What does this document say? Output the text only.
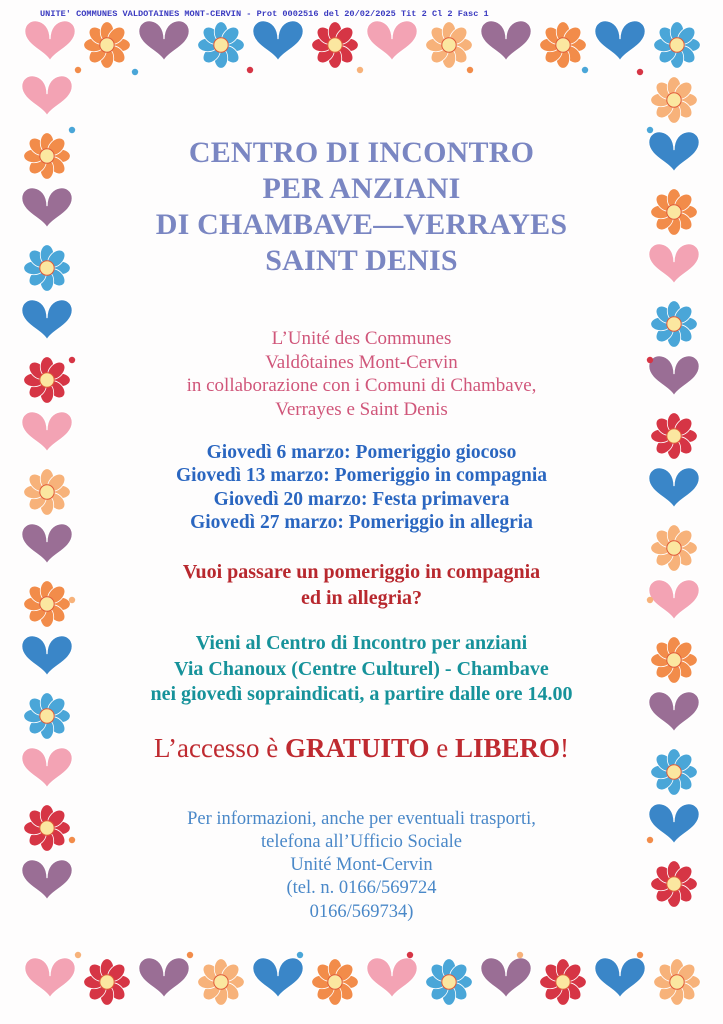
UNITE' COMMUNES VALDOTAINES MONT-CERVIN - Prot 0002516 del 20/02/2025 Tit 2 Cl 2 Fasc 1
CENTRO DI INCONTRO
PER ANZIANI
DI CHAMBAVE—VERRAYES
SAINT DENIS
L’Unité des Communes
Valdôtaines Mont-Cervin
in collaborazione con i Comuni di Chambave,
Verrayes e Saint Denis
Giovedì 6 marzo: Pomeriggio giocoso
Giovedì 13 marzo: Pomeriggio in compagnia
Giovedì 20 marzo: Festa primavera
Giovedì 27 marzo: Pomeriggio in allegria
Vuoi passare un pomeriggio in compagnia
ed in allegria?
Vieni al Centro di Incontro per anziani
Via Chanoux (Centre Culturel) - Chambave
nei giovedì sopraindicati, a partire dalle ore 14.00
L’accesso è GRATUITO e LIBERO!
Per informazioni, anche per eventuali trasporti,
telefona all’Ufficio Sociale
Unité Mont-Cervin
(tel. n. 0166/569724
0166/569734)
